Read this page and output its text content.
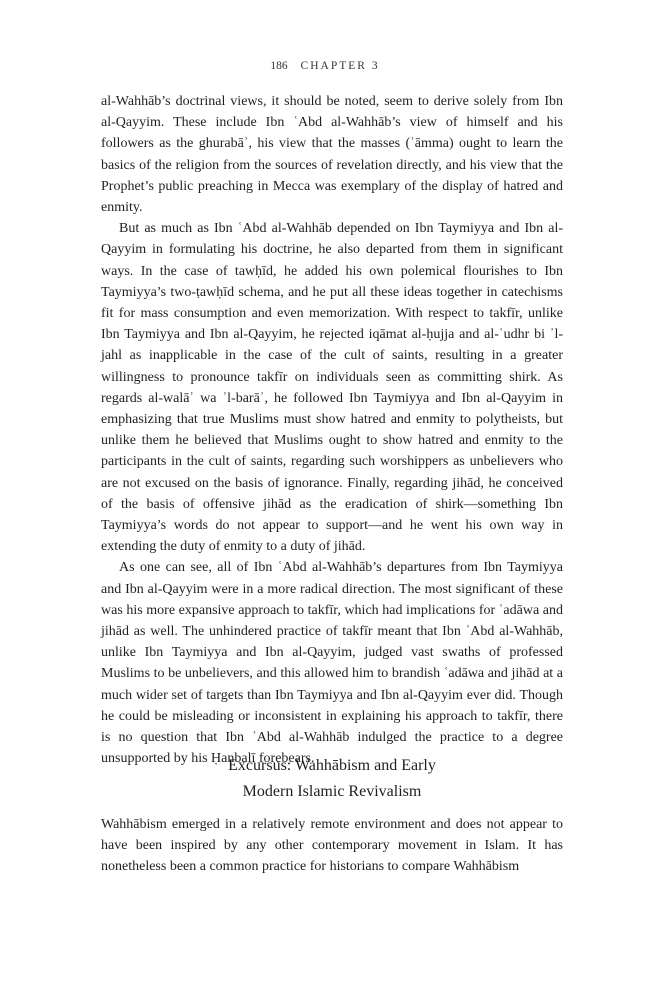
186 CHAPTER 3

al-Wahhāb’s doctrinal views, it should be noted, seem to derive solely from Ibn al-Qayyim. These include Ibn ʿAbd al-Wahhāb’s view of himself and his followers as the ghurabāʾ, his view that the masses (ʿāmma) ought to learn the basics of the religion from the sources of revelation directly, and his view that the Prophet’s public preaching in Mecca was exemplary of the display of hatred and enmity.

But as much as Ibn ʿAbd al-Wahhāb depended on Ibn Taymiyya and Ibn al-Qayyim in formulating his doctrine, he also departed from them in significant ways. In the case of tawḥīd, he added his own polemical flourishes to Ibn Taymiyya’s two-ṭawḥīd schema, and he put all these ideas together in catechisms fit for mass consumption and even memorization. With respect to takfīr, unlike Ibn Taymiyya and Ibn al-Qayyim, he rejected iqāmat al-ḥujja and al-ʿudhr bi ʾl-jahl as inapplicable in the case of the cult of saints, resulting in a greater willingness to pronounce takfīr on individuals seen as committing shirk. As regards al-walāʾ wa ʾl-barāʾ, he followed Ibn Taymiyya and Ibn al-Qayyim in emphasizing that true Muslims must show hatred and enmity to polytheists, but unlike them he believed that Muslims ought to show hatred and enmity to the participants in the cult of saints, regarding such worshippers as unbelievers who are not excused on the basis of ignorance. Finally, regarding jihād, he conceived of the basis of offensive jihād as the eradication of shirk—something Ibn Taymiyya’s words do not appear to support—and he went his own way in extending the duty of enmity to a duty of jihād.

As one can see, all of Ibn ʿAbd al-Wahhāb’s departures from Ibn Taymiyya and Ibn al-Qayyim were in a more radical direction. The most significant of these was his more expansive approach to takfīr, which had implications for ʿadāwa and jihād as well. The unhindered practice of takfīr meant that Ibn ʿAbd al-Wahhāb, unlike Ibn Taymiyya and Ibn al-Qayyim, judged vast swaths of professed Muslims to be unbelievers, and this allowed him to brandish ʿadāwa and jihād at a much wider set of targets than Ibn Taymiyya and Ibn al-Qayyim ever did. Though he could be misleading or inconsistent in explaining his approach to takfīr, there is no question that Ibn ʿAbd al-Wahhāb indulged the practice to a degree unsupported by his Ḥanbalī forebears.

Excursus: Wahhābism and Early
Modern Islamic Revivalism

Wahhābism emerged in a relatively remote environment and does not appear to have been inspired by any other contemporary movement in Islam. It has nonetheless been a common practice for historians to compare Wahhābism
